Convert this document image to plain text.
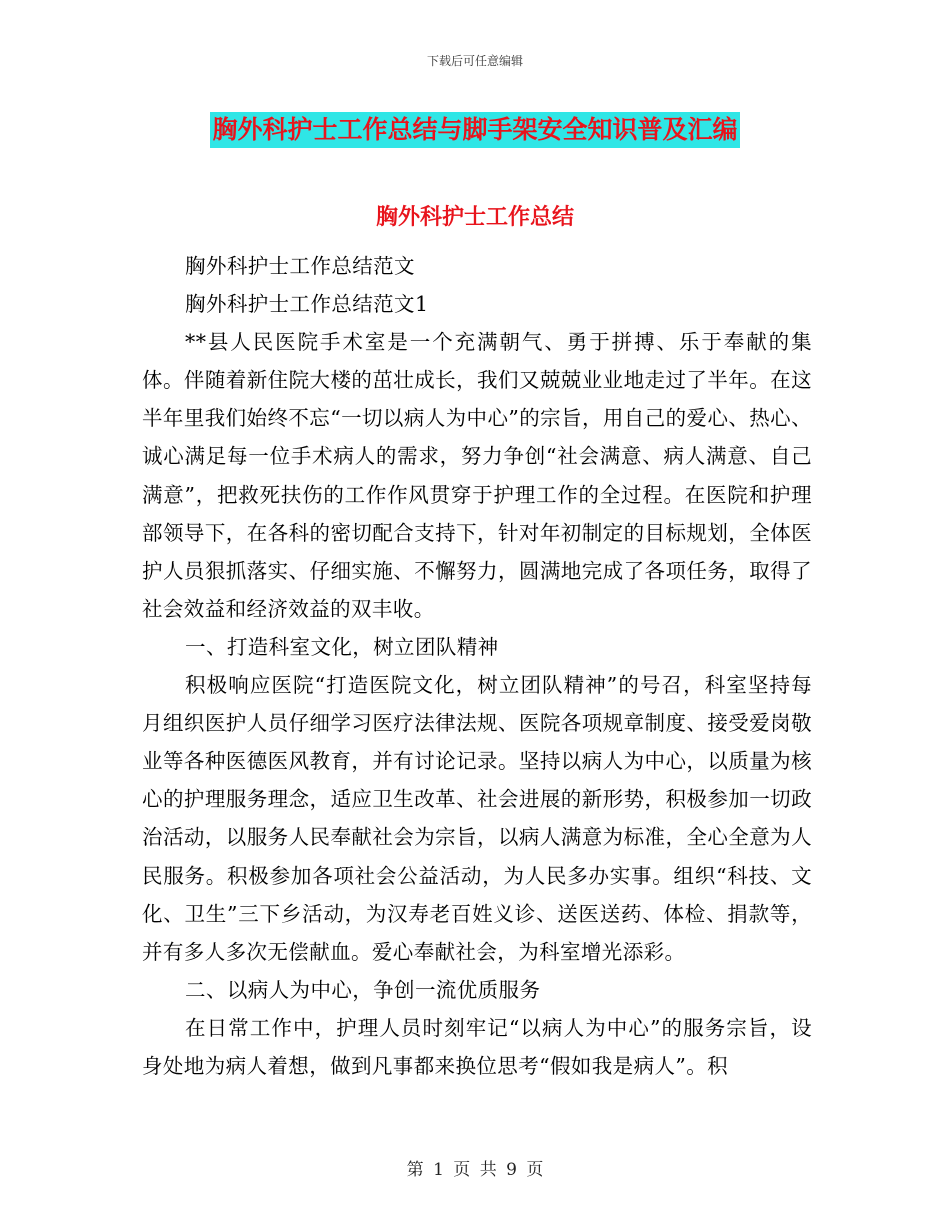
下载后可任意编辑
胸外科护士工作总结与脚手架安全知识普及汇编
胸外科护士工作总结

胸外科护士工作总结范文

胸外科护士工作总结范文1

**县人民医院手术室是一个充满朝气、勇于拼搏、乐于奉献的集体。伴随着新住院大楼的茁壮成长，我们又兢兢业业地走过了半年。在这半年里我们始终不忘“一切以病人为中心”的宗旨，用自己的爱心、热心、诚心满足每一位手术病人的需求，努力争创“社会满意、病人满意、自己满意”，把救死扶伤的工作作风贯穿于护理工作的全过程。在医院和护理部领导下，在各科的密切配合支持下，针对年初制定的目标规划，全体医护人员狠抓落实、仔细实施、不懈努力，圆满地完成了各项任务，取得了社会效益和经济效益的双丰收。

一、打造科室文化，树立团队精神

积极响应医院“打造医院文化，树立团队精神”的号召，科室坚持每月组织医护人员仔细学习医疗法律法规、医院各项规章制度、接受爱岗敬业等各种医德医风教育，并有讨论记录。坚持以病人为中心，以质量为核心的护理服务理念，适应卫生改革、社会进展的新形势，积极参加一切政治活动，以服务人民奉献社会为宗旨，以病人满意为标准，全心全意为人民服务。积极参加各项社会公益活动，为人民多办实事。组织“科技、文化、卫生”三下乡活动，为汉寿老百姓义诊、送医送药、体检、捐款等，并有多人多次无偿献血。爱心奉献社会，为科室增光添彩。

二、以病人为中心，争创一流优质服务

在日常工作中，护理人员时刻牢记“以病人为中心”的服务宗旨，设身处地为病人着想，做到凡事都来换位思考“假如我是病人”。积

第 1 页 共 9 页
